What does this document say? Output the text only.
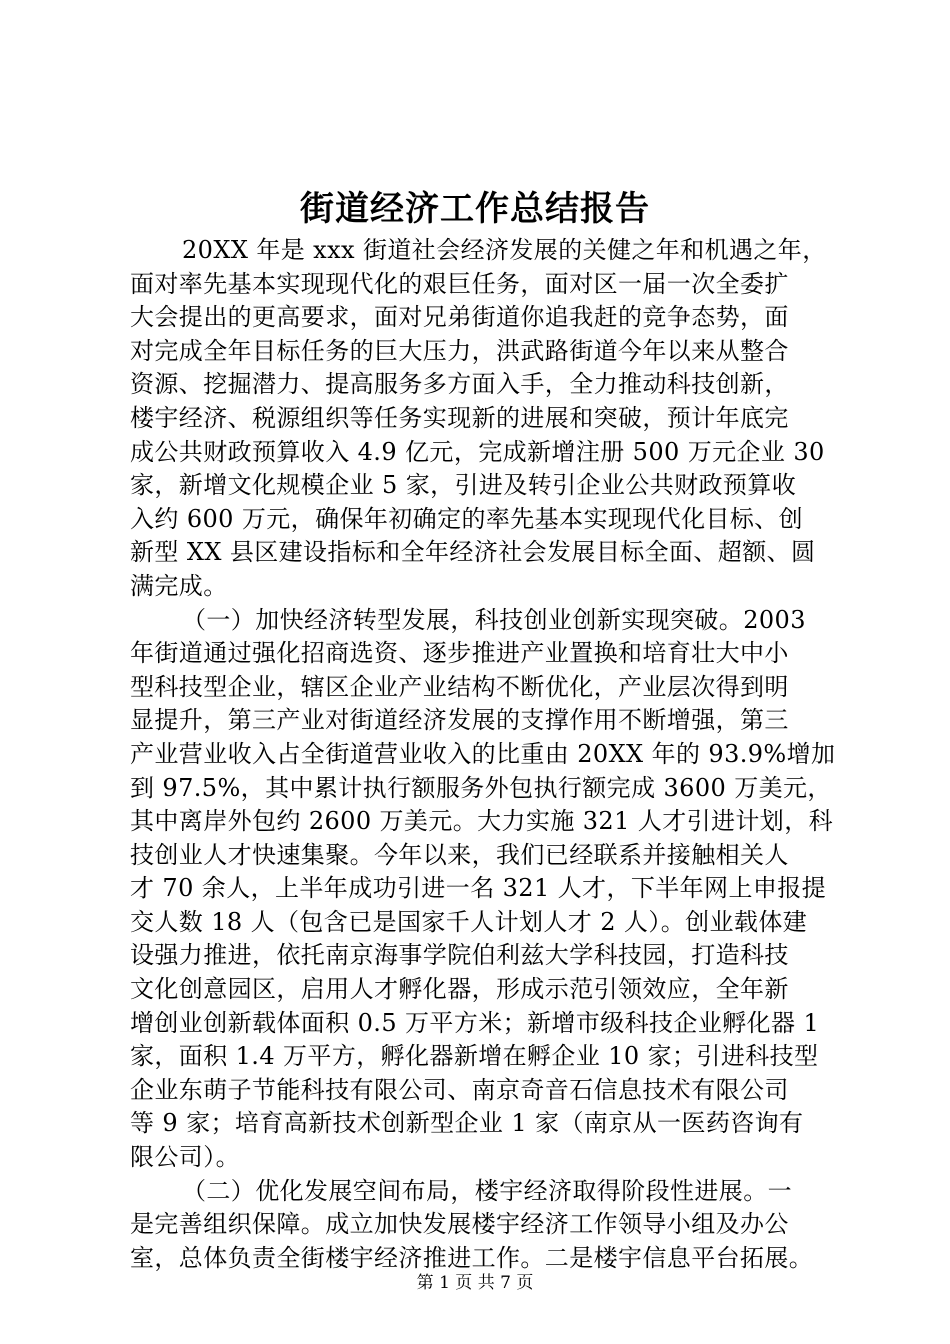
街道经济工作总结报告
20XX 年是 xxx 街道社会经济发展的关健之年和机遇之年，
面对率先基本实现现代化的艰巨任务，面对区一届一次全委扩
大会提出的更高要求，面对兄弟街道你追我赶的竞争态势，面
对完成全年目标任务的巨大压力，洪武路街道今年以来从整合
资源、挖掘潜力、提高服务多方面入手，全力推动科技创新，
楼宇经济、税源组织等任务实现新的进展和突破，预计年底完
成公共财政预算收入 4.9 亿元，完成新增注册 500 万元企业 30
家，新增文化规模企业 5 家，引进及转引企业公共财政预算收
入约 600 万元，确保年初确定的率先基本实现现代化目标、创
新型 XX 县区建设指标和全年经济社会发展目标全面、超额、圆
满完成。
（一）加快经济转型发展，科技创业创新实现突破。2003
年街道通过强化招商选资、逐步推进产业置换和培育壮大中小
型科技型企业，辖区企业产业结构不断优化，产业层次得到明
显提升，第三产业对街道经济发展的支撑作用不断增强，第三
产业营业收入占全街道营业收入的比重由 20XX 年的 93.9%增加
到 97.5%，其中累计执行额服务外包执行额完成 3600 万美元，
其中离岸外包约 2600 万美元。大力实施 321 人才引进计划，科
技创业人才快速集聚。今年以来，我们已经联系并接触相关人
才 70 余人，上半年成功引进一名 321 人才，下半年网上申报提
交人数 18 人（包含已是国家千人计划人才 2 人）。创业载体建
设强力推进，依托南京海事学院伯利兹大学科技园，打造科技
文化创意园区，启用人才孵化器，形成示范引领效应，全年新
增创业创新载体面积 0.5 万平方米；新增市级科技企业孵化器 1
家，面积 1.4 万平方，孵化器新增在孵企业 10 家；引进科技型
企业东萌子节能科技有限公司、南京奇音石信息技术有限公司
等 9 家；培育高新技术创新型企业 1 家（南京从一医药咨询有
限公司）。
（二）优化发展空间布局，楼宇经济取得阶段性进展。一
是完善组织保障。成立加快发展楼宇经济工作领导小组及办公
室，总体负责全街楼宇经济推进工作。二是楼宇信息平台拓展。
第 1 页 共 7 页
